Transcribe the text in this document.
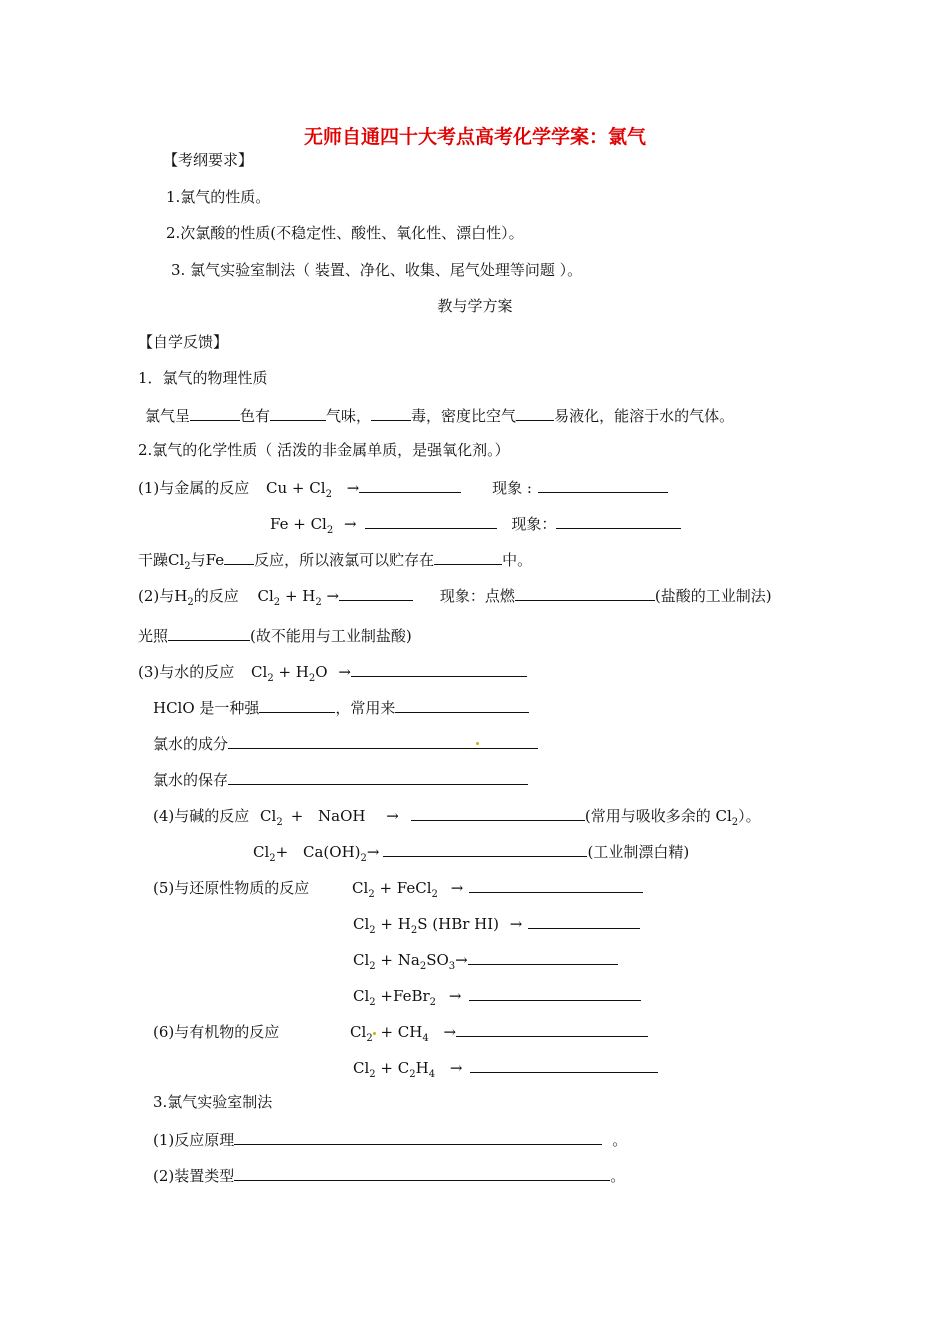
无师自通四十大考点高考化学学案：氯气
【考纲要求】
1.氯气的性质。
2.次氯酸的性质(不稳定性、酸性、氧化性、漂白性）。
3. 氯气实验室制法（ 装置、净化、收集、尾气处理等问题 ）。
教与学方案
【自学反馈】
1．氯气的物理性质
氯气呈	色有	气味，	毒，密度比空气	易液化，能溶于水的气体。
2.氯气的化学性质（ 活泼的非金属单质，是强氧化剂。）
(1)与金属的反应 $Cu + Cl_2$ →	现象 :
$Fe + Cl_2$ →	现象：
干躁$Cl_2$与Fe 反应，所以液氯可以贮存在	中。
(2)与$H_2$的反应 $Cl_2 + H_2$ →	现象：点燃	(盐酸的工业制法)
光照	(故不能用与工业制盐酸)
(3)与水的反应 $Cl_2 + H_2O$ →
HClO 是一种强	，常用来
氯水的成分
氯水的保存
(4)与碱的反应 $Cl_2$ + NaOH →	(常用与吸收多余的 $Cl_2$）。
$Cl_2+ Ca(OH)_2\to$	(工业制漂白精)
(5)与还原性物质的反应	$Cl_2$ + FeCl$_2$ →
$Cl_2 + H_2S$ (HBr HI) →
$Cl_2 + Na_2SO_3\to$
$Cl_2$ +FeBr$_2$ →
(6)与有机物的反应	$Cl_2 + CH_4$ →
$Cl_2 + C_2H_4$ →
3.氯气实验室制法
(1)反应原理	。
(2)装置类型	。
